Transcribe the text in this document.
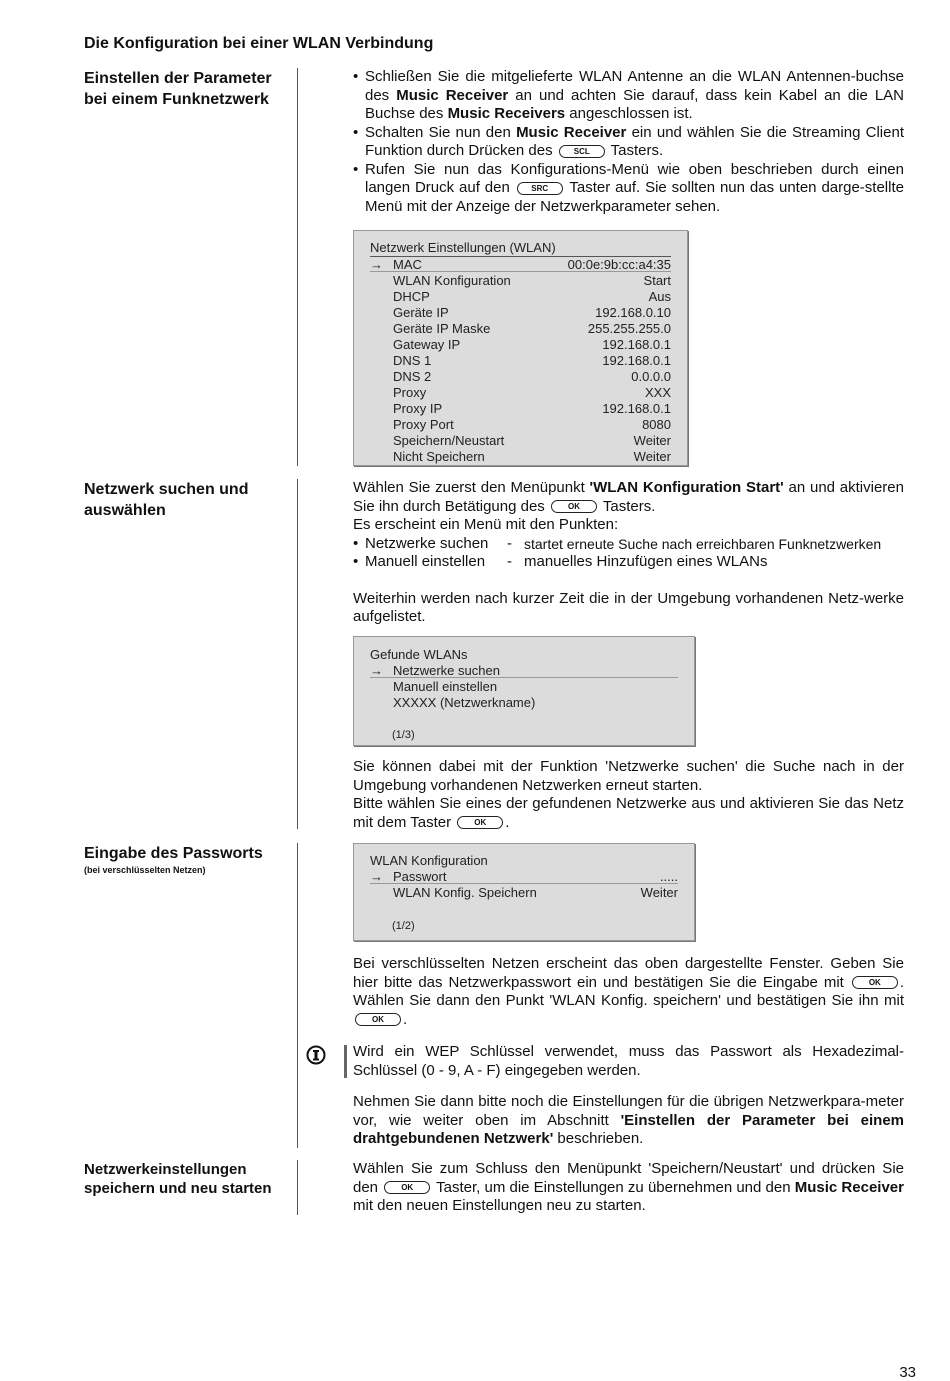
Die Konfiguration bei einer WLAN Verbindung
Einstellen der Parameter bei einem Funknetzwerk
Netzwerk suchen und auswählen
Eingabe des Passworts
(bei verschlüsselten Netzen)
Netzwerkeinstellungen speichern und neu starten
• Schließen Sie die mitgelieferte WLAN Antenne an die WLAN Antennen-buchse des Music Receiver an und achten Sie darauf, dass kein Kabel an die LAN Buchse des Music Receivers angeschlossen ist.
• Schalten Sie nun den Music Receiver ein und wählen Sie die Streaming Client Funktion durch Drücken des SCL Tasters.
• Rufen Sie nun das Konfigurations-Menü wie oben beschrieben durch einen langen Druck auf den SRC Taster auf. Sie sollten nun das unten darge-stellte Menü mit der Anzeige der Netzwerkparameter sehen.
Netzwerk Einstellungen (WLAN)
→ MAC	00:0e:9b:cc:a4:35
WLAN Konfiguration	Start
DHCP	Aus
Geräte IP	192.168.0.10
Geräte IP Maske	255.255.255.0
Gateway IP	192.168.0.1
DNS 1	192.168.0.1
DNS 2	0.0.0.0
Proxy	XXX
Proxy IP	192.168.0.1
Proxy Port	8080
Speichern/Neustart	Weiter
Nicht Speichern	Weiter
Wählen Sie zuerst den Menüpunkt 'WLAN Konfiguration Start' an und aktivieren Sie ihn durch Betätigung des OK Tasters.
Es erscheint ein Menü mit den Punkten:
• Netzwerke suchen	- startet erneute Suche nach erreichbaren Funknetzwerken
• Manuell einstellen	- manuelles Hinzufügen eines WLANs
Weiterhin werden nach kurzer Zeit die in der Umgebung vorhandenen Netz-werke aufgelistet.
Gefunde WLANs
→ Netzwerke suchen
Manuell einstellen
XXXXX (Netzwerkname)
(1/3)
Sie können dabei mit der Funktion 'Netzwerke suchen' die Suche nach in der Umgebung vorhandenen Netzwerken erneut starten.
Bitte wählen Sie eines der gefundenen Netzwerke aus und aktivieren Sie das Netz mit dem Taster OK .
WLAN Konfiguration
→ Passwort	.....
WLAN Konfig. Speichern	Weiter
(1/2)
Bei verschlüsselten Netzen erscheint das oben dargestellte Fenster. Geben Sie hier bitte das Netzwerkpasswort ein und bestätigen Sie die Eingabe mit OK . Wählen Sie dann den Punkt 'WLAN Konfig. speichern' und bestätigen Sie ihn mit OK .
Wird ein WEP Schlüssel verwendet, muss das Passwort als Hexadezimal-Schlüssel (0 - 9, A - F) eingegeben werden.
Nehmen Sie dann bitte noch die Einstellungen für die übrigen Netzwerkpara-meter vor, wie weiter oben im Abschnitt 'Einstellen der Parameter bei einem drahtgebundenen Netzwerk' beschrieben.
Wählen Sie zum Schluss den Menüpunkt 'Speichern/Neustart' und drücken Sie den OK Taster, um die Einstellungen zu übernehmen und den Music Receiver mit den neuen Einstellungen neu zu starten.
33
